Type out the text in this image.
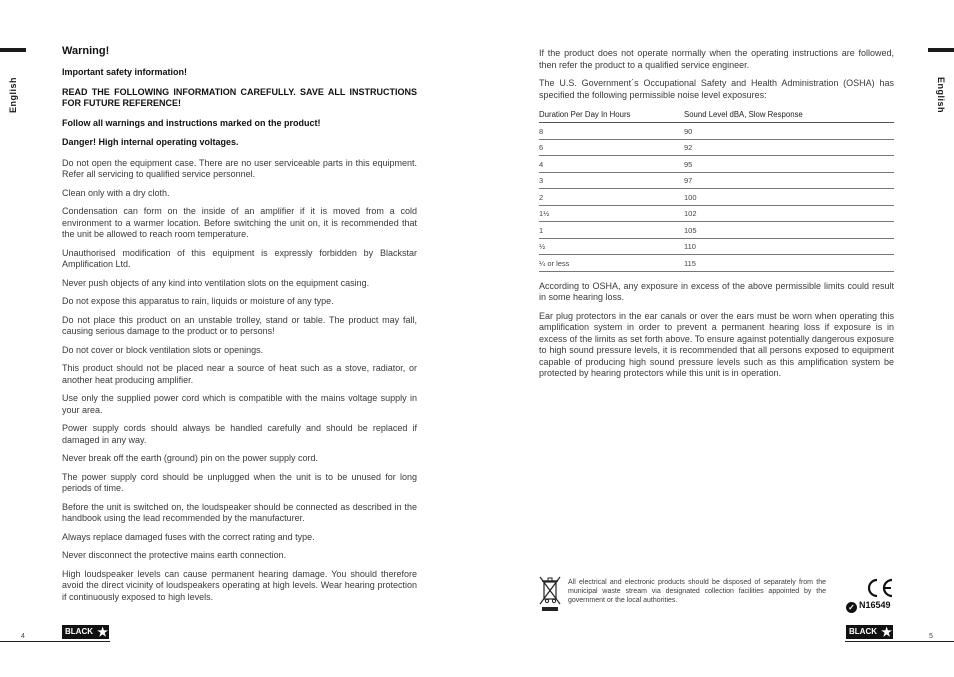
English	English
Warning!
Important safety information!
READ THE FOLLOWING INFORMATION CAREFULLY. SAVE ALL INSTRUCTIONS FOR FUTURE REFERENCE!
Follow all warnings and instructions marked on the product!
Danger! High internal operating voltages.
Do not open the equipment case. There are no user serviceable parts in this equipment. Refer all servicing to qualified service personnel.
Clean only with a dry cloth.
Condensation can form on the inside of an amplifier if it is moved from a cold environment to a warmer location. Before switching the unit on, it is recommended that the unit be allowed to reach room temperature.
Unauthorised modification of this equipment is expressly forbidden by Blackstar Amplification Ltd.
Never push objects of any kind into ventilation slots on the equipment casing.
Do not expose this apparatus to rain, liquids or moisture of any type.
Do not place this product on an unstable trolley, stand or table. The product may fall, causing serious damage to the product or to persons!
Do not cover or block ventilation slots or openings.
This product should not be placed near a source of heat such as a stove, radiator, or another heat producing amplifier.
Use only the supplied power cord which is compatible with the mains voltage supply in your area.
Power supply cords should always be handled carefully and should be replaced if damaged in any way.
Never break off the earth (ground) pin on the power supply cord.
The power supply cord should be unplugged when the unit is to be unused for long periods of time.
Before the unit is switched on, the loudspeaker should be connected as described in the handbook using the lead recommended by the manufacturer.
Always replace damaged fuses with the correct rating and type.
Never disconnect the protective mains earth connection.
High loudspeaker levels can cause permanent hearing damage. You should therefore avoid the direct vicinity of loudspeakers operating at high levels. Wear hearing protection if continuously exposed to high levels.
If the product does not operate normally when the operating instructions are followed, then refer the product to a qualified service engineer.
The U.S. Government´s Occupational Safety and Health Administration (OSHA) has specified the following permissible noise level exposures:
Duration Per Day In Hours	Sound Level dBA, Slow Response
8	90
6	92
4	95
3	97
2	100
1½	102
1	105
½	110
¼ or less	115
According to OSHA, any exposure in excess of the above permissible limits could result in some hearing loss.
Ear plug protectors in the ear canals or over the ears must be worn when operating this amplification system in order to prevent a permanent hearing loss if exposure is in excess of the limits as set forth above. To ensure against potentially dangerous exposure to high sound pressure levels, it is recommended that all persons exposed to equipment capable of producing high sound pressure levels such as this amplification system be protected by hearing protectors while this unit is in operation.
All electrical and electronic products should be disposed of separately from the municipal waste stream via designated collection facilities appointed by the government or the local authorities.
✓ N16549
4	5
BLACK ★	BLACK ★
